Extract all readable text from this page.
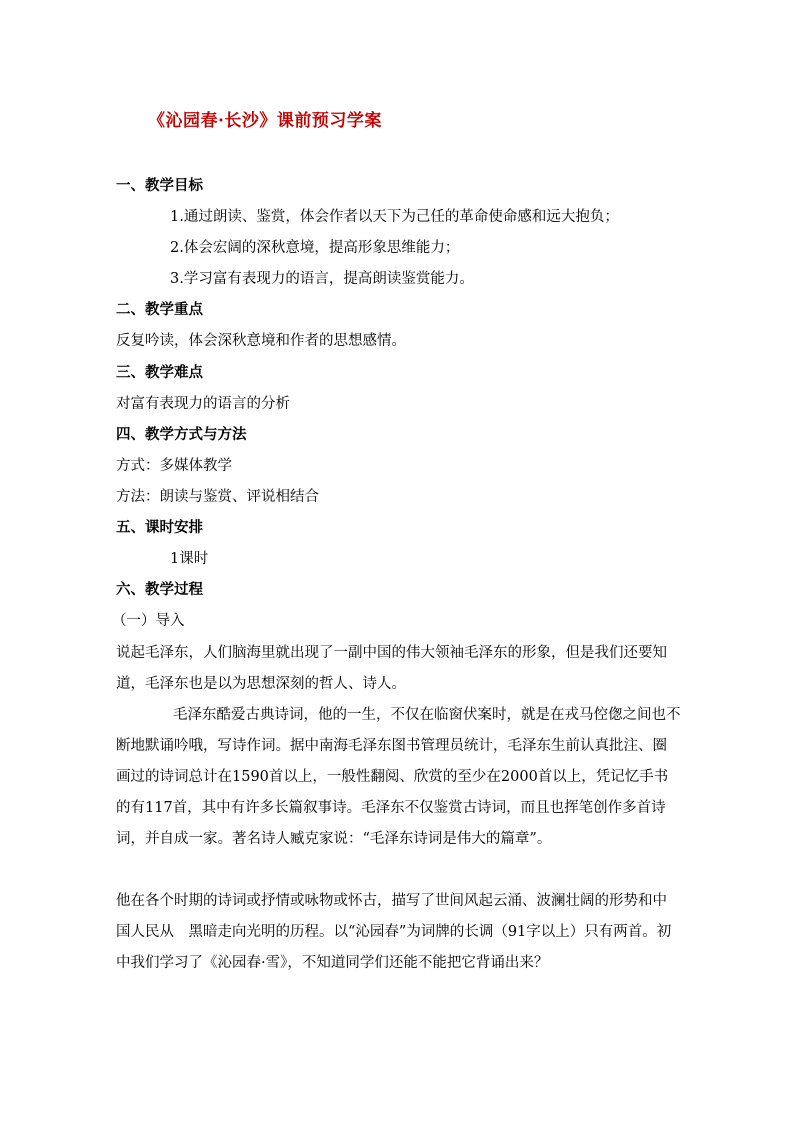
《沁园春·长沙》课前预习学案
一、教学目标
1.通过朗读、鉴赏，体会作者以天下为己任的革命使命感和远大抱负；
2.体会宏阔的深秋意境，提高形象思维能力；
3.学习富有表现力的语言，提高朗读鉴赏能力。
二、教学重点
反复吟读，体会深秋意境和作者的思想感情。
三、教学难点
对富有表现力的语言的分析
四、教学方式与方法
方式：多媒体教学
方法：朗读与鉴赏、评说相结合
五、课时安排
1课时
六、教学过程
（一）导入
说起毛泽东，人们脑海里就出现了一副中国的伟大领袖毛泽东的形象，但是我们还要知道，毛泽东也是以为思想深刻的哲人、诗人。
毛泽东酷爱古典诗词，他的一生，不仅在临窗伏案时，就是在戎马倥偬之间也不断地默诵吟哦，写诗作词。据中南海毛泽东图书管理员统计，毛泽东生前认真批注、圈画过的诗词总计在1590首以上，一般性翻阅、欣赏的至少在2000首以上，凭记忆手书的有117首，其中有许多长篇叙事诗。毛泽东不仅鉴赏古诗词，而且也挥笔创作多首诗词，并自成一家。著名诗人臧克家说：“毛泽东诗词是伟大的篇章”。
他在各个时期的诗词或抒情或咏物或怀古，描写了世间风起云涌、波澜壮阔的形势和中国人民从　黑暗走向光明的历程。以“沁园春”为词牌的长调（91字以上）只有两首。初中我们学习了《沁园春·雪》，不知道同学们还能不能把它背诵出来？
